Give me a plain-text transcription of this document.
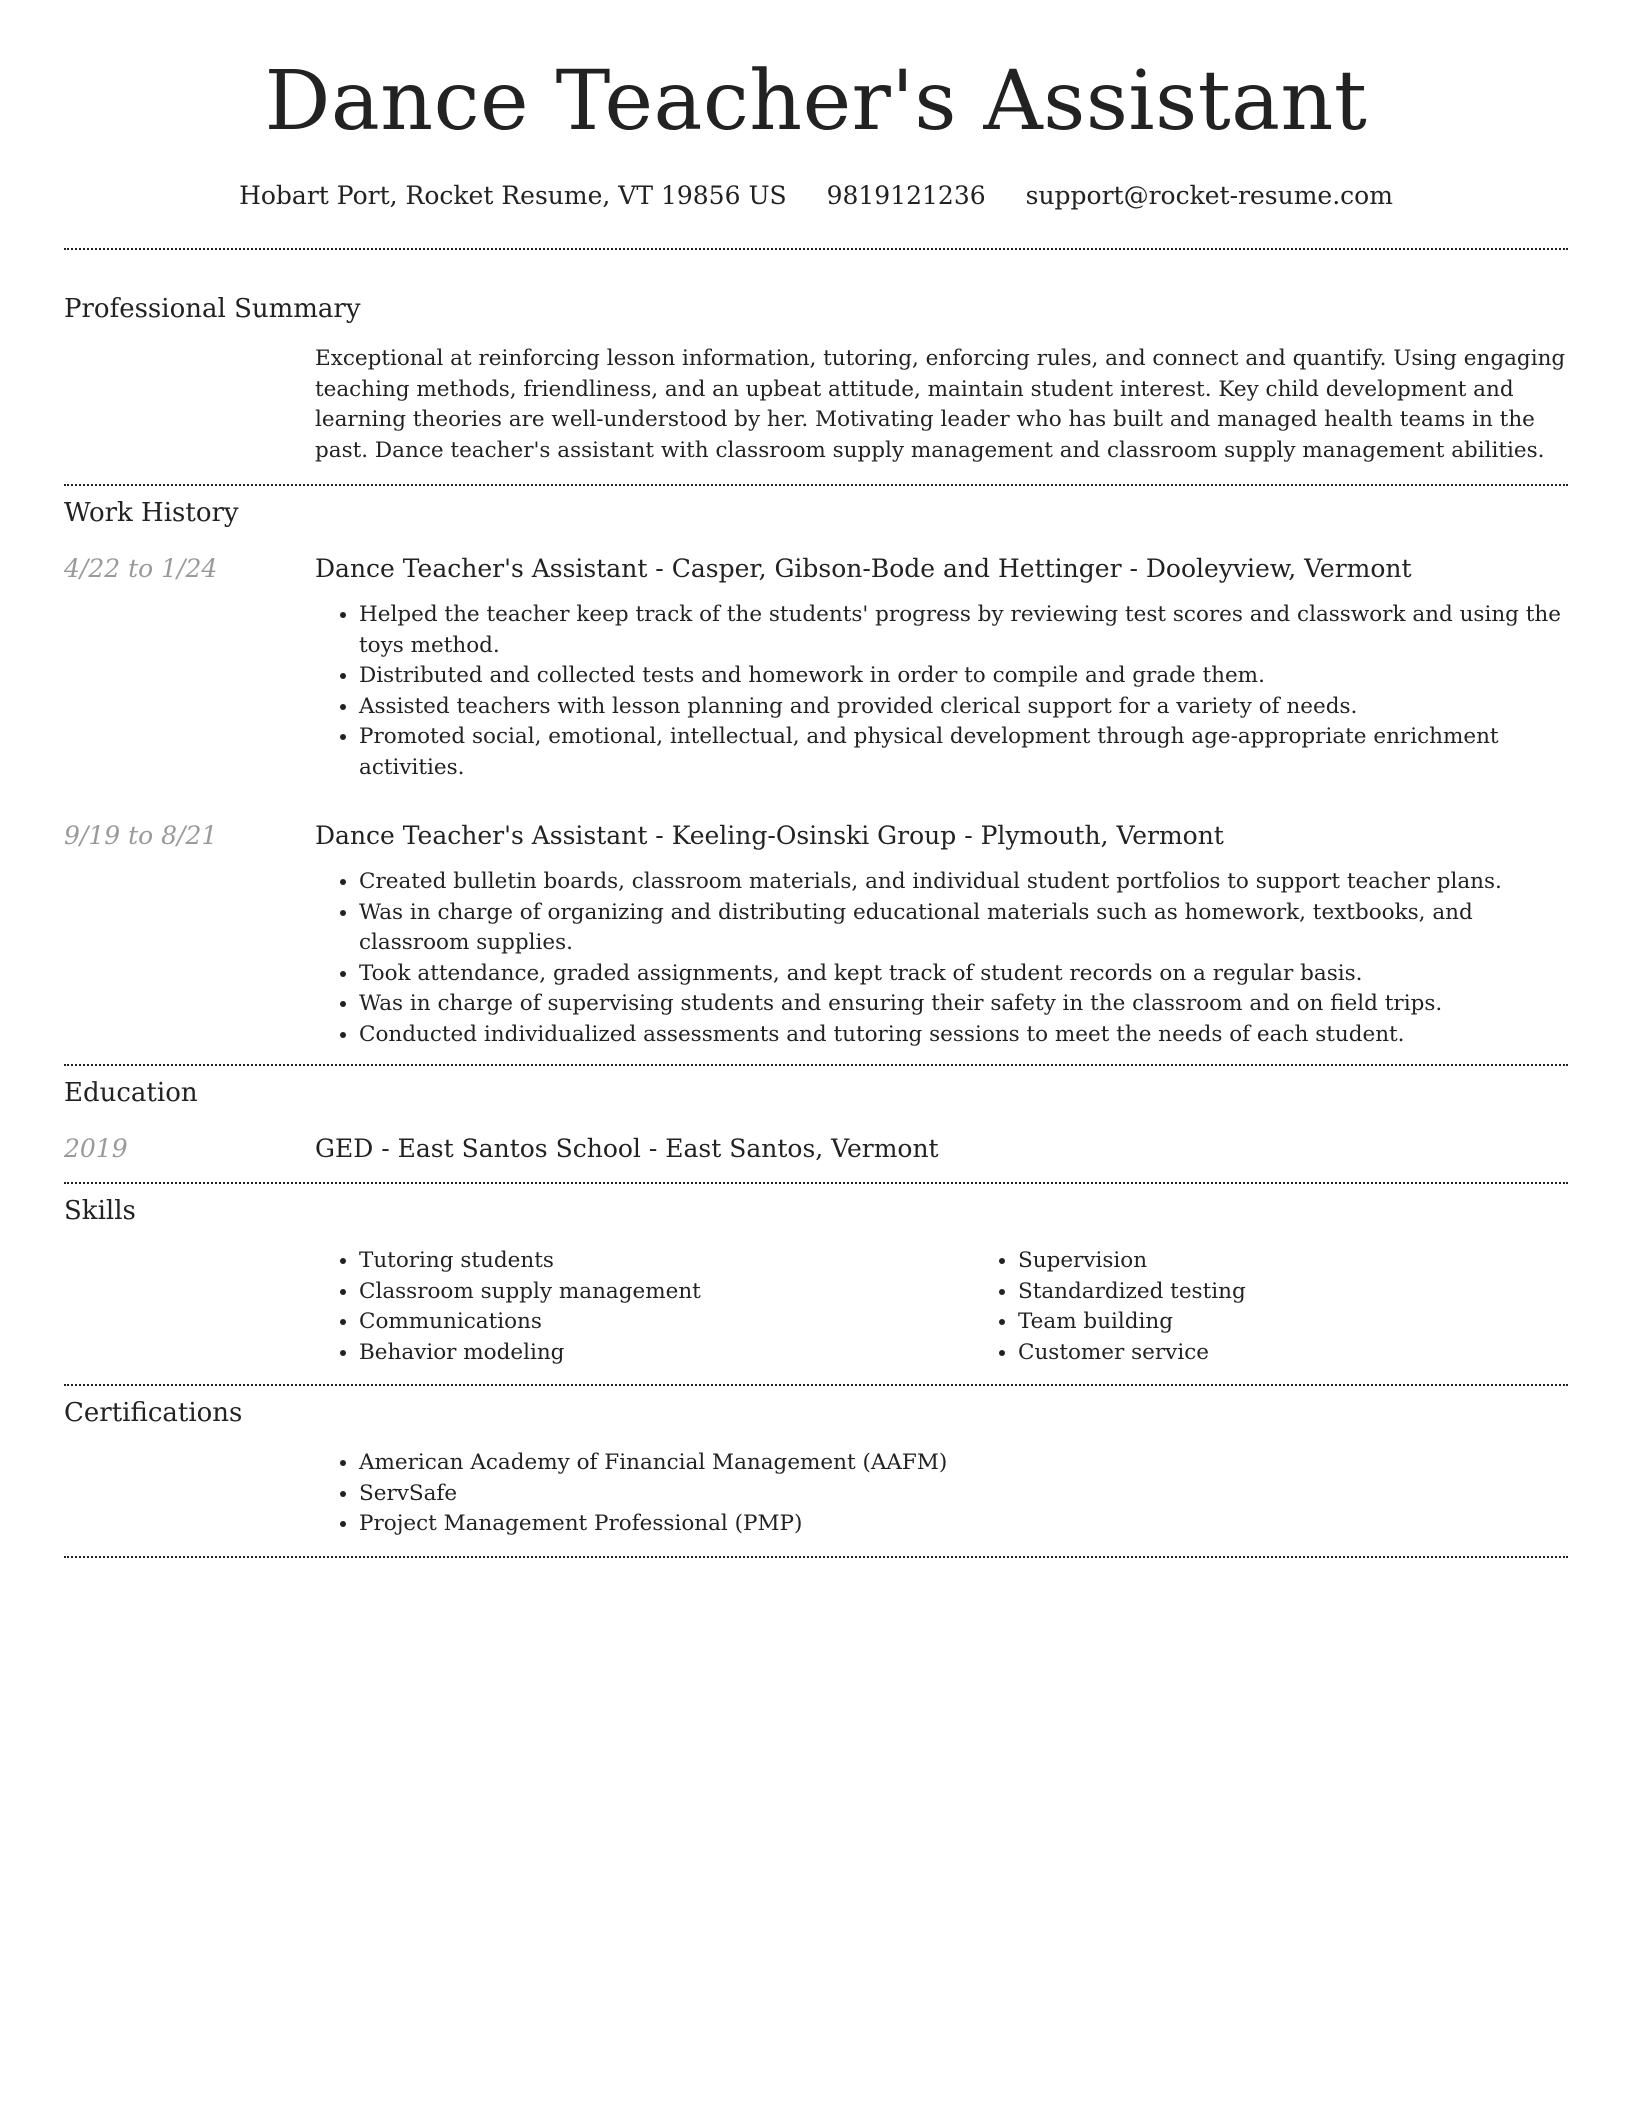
Dance Teacher's Assistant
Hobart Port, Rocket Resume, VT 19856 US 9819121236 support@rocket-resume.com
Professional Summary

Exceptional at reinforcing lesson information, tutoring, enforcing rules, and connect and quantify. Using engaging teaching methods, friendliness, and an upbeat attitude, maintain student interest. Key child development and learning theories are well-understood by her. Motivating leader who has built and managed health teams in the past. Dance teacher's assistant with classroom supply management and classroom supply management abilities.

Work History
4/22 to 1/24	Dance Teacher's Assistant - Casper, Gibson-Bode and Hettinger - Dooleyview, Vermont

• Helped the teacher keep track of the students' progress by reviewing test scores and classwork and using the toys method.
• Distributed and collected tests and homework in order to compile and grade them.
• Assisted teachers with lesson planning and provided clerical support for a variety of needs.
• Promoted social, emotional, intellectual, and physical development through age-appropriate enrichment activities.
9/19 to 8/21	Dance Teacher's Assistant - Keeling-Osinski Group - Plymouth, Vermont

• Created bulletin boards, classroom materials, and individual student portfolios to support teacher plans.
• Was in charge of organizing and distributing educational materials such as homework, textbooks, and classroom supplies.
• Took attendance, graded assignments, and kept track of student records on a regular basis.
• Was in charge of supervising students and ensuring their safety in the classroom and on field trips.
• Conducted individualized assessments and tutoring sessions to meet the needs of each student.
Education
2019	GED - East Santos School - East Santos, Vermont

Skills
• Tutoring students
• Classroom supply management
• Communications
• Behavior modeling
• Supervision
• Standardized testing
• Team building
• Customer service
Certifications
• American Academy of Financial Management (AAFM)
• ServSafe
• Project Management Professional (PMP)
